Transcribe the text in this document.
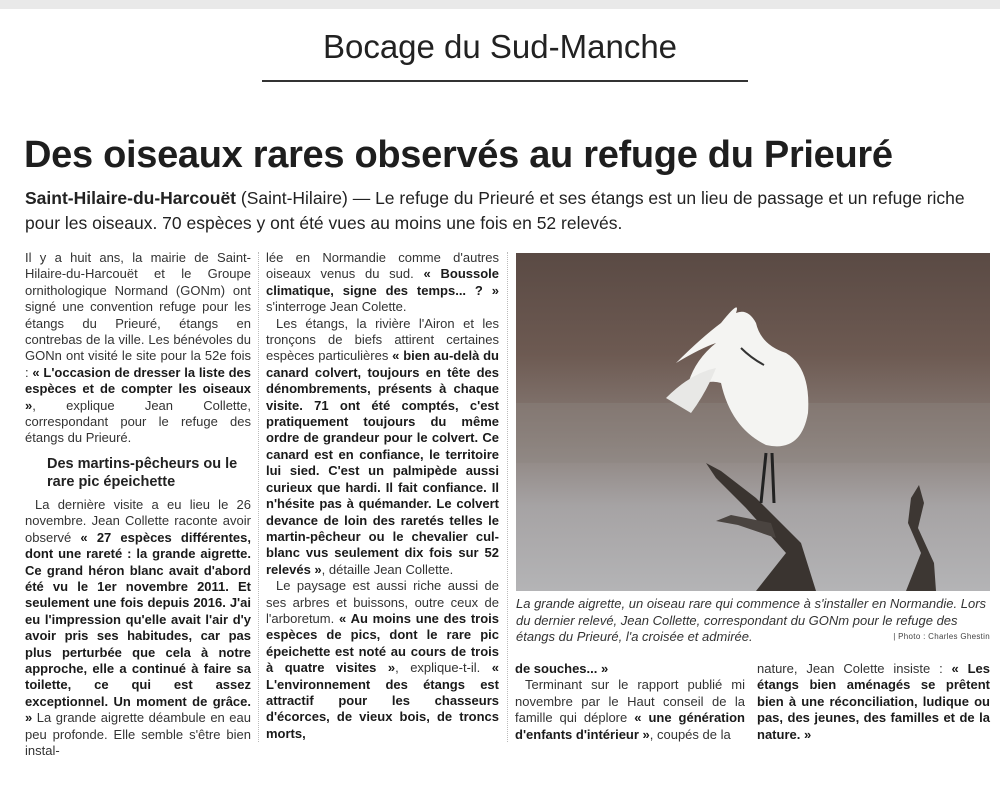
Bocage du Sud-Manche
Des oiseaux rares observés au refuge du Prieuré
Saint-Hilaire-du-Harcouët (Saint-Hilaire) — Le refuge du Prieuré et ses étangs est un lieu de passage et un refuge riche pour les oiseaux. 70 espèces y ont été vues au moins une fois en 52 relevés.

Il y a huit ans, la mairie de Saint-Hilaire-du-Harcouët et le Groupe ornithologique Normand (GONm) ont signé une convention refuge pour les étangs du Prieuré, étangs en contrebas de la ville. Les bénévoles du GONn ont visité le site pour la 52e fois : « L'occasion de dresser la liste des espèces et de compter les oiseaux », explique Jean Collette, correspondant pour le refuge des étangs du Prieuré.

Des martins-pêcheurs ou le rare pic épeichette

La dernière visite a eu lieu le 26 novembre. Jean Collette raconte avoir observé « 27 espèces différentes, dont une rareté : la grande aigrette. Ce grand héron blanc avait d'abord été vu le 1er novembre 2011. Et seulement une fois depuis 2016. J'ai eu l'impression qu'elle avait l'air d'y avoir pris ses habitudes, car pas plus perturbée que cela à notre approche, elle a continué à faire sa toilette, ce qui est assez exceptionnel. Un moment de grâce. » La grande aigrette déambule en eau peu profonde. Elle semble s'être bien instal-

lée en Normandie comme d'autres oiseaux venus du sud. « Boussole climatique, signe des temps... ? » s'interroge Jean Colette.

Les étangs, la rivière l'Airon et les tronçons de biefs attirent certaines espèces particulières « bien au-delà du canard colvert, toujours en tête des dénombrements, présents à chaque visite. 71 ont été comptés, c'est pratiquement toujours du même ordre de grandeur pour le colvert. Ce canard est en confiance, le territoire lui sied. C'est un palmipède aussi curieux que hardi. Il fait confiance. Il n'hésite pas à quémander. Le colvert devance de loin des raretés telles le martin-pêcheur ou le chevalier cul-blanc vus seulement dix fois sur 52 relevés », détaille Jean Collette.

Le paysage est aussi riche aussi de ses arbres et buissons, outre ceux de l'arboretum. « Au moins une des trois espèces de pics, dont le rare pic épeichette est noté au cours de trois à quatre visites », explique-t-il. « L'environnement des étangs est attractif pour les chasseurs d'écorces, de vieux bois, de troncs morts,

La grande aigrette, un oiseau rare qui commence à s'installer en Normandie. Lors du dernier relevé, Jean Collette, correspondant du GONm pour le refuge des étangs du Prieuré, l'a croisée et admirée.	| Photo : Charles Ghestin

de souches... »

Terminant sur le rapport publié mi novembre par le Haut conseil de la famille qui déplore « une génération d'enfants d'intérieur », coupés de la

nature, Jean Colette insiste : « Les étangs bien aménagés se prêtent bien à une réconciliation, ludique ou pas, des jeunes, des familles et de la nature. »
